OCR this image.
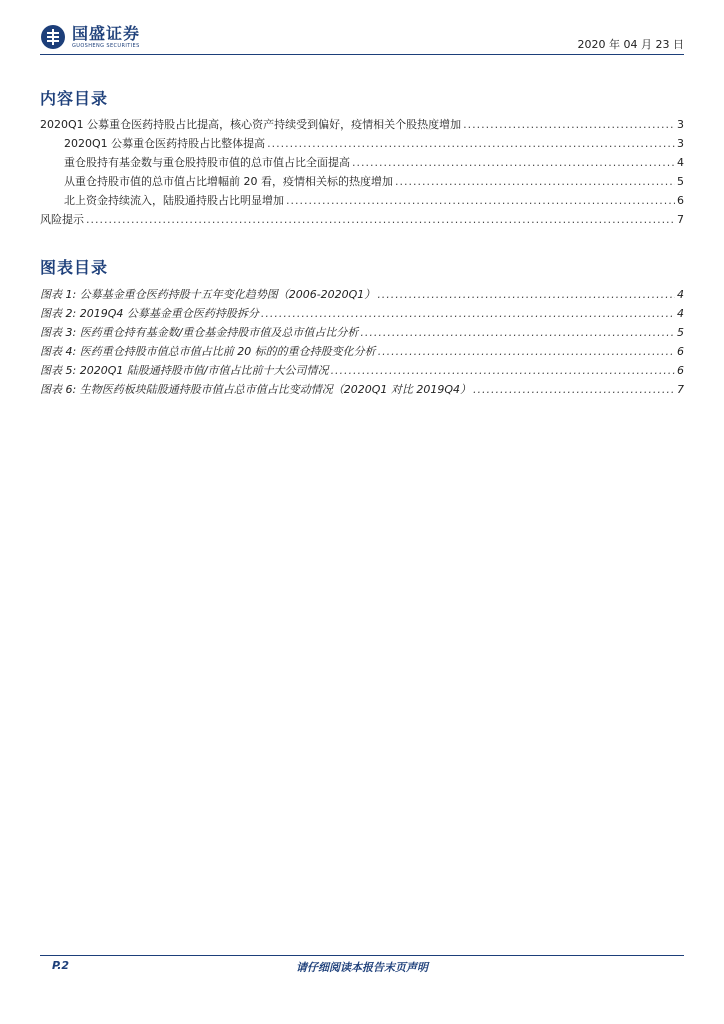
国盛证券
GUOSHENG SECURITIES	2020 年 04 月 23 日
内容目录
2020Q1 公募重仓医药持股占比提高，核心资产持续受到偏好，疫情相关个股热度增加 .....	3
2020Q1 公募重仓医药持股占比整体提高 .....	3
重仓股持有基金数与重仓股持股市值的总市值占比全面提高 .....	4
从重仓持股市值的总市值占比增幅前 20 看，疫情相关标的热度增加 .....	5
北上资金持续流入，陆股通持股占比明显增加 .....	6
风险提示 .....	7
图表目录
图表 1: 公募基金重仓医药持股十五年变化趋势图（2006-2020Q1） .....	4
图表 2: 2019Q4 公募基金重仓医药持股拆分 .....	4
图表 3: 医药重仓持有基金数/重仓基金持股市值及总市值占比分析 .....	5
图表 4: 医药重仓持股市值总市值占比前 20 标的的重仓持股变化分析 .....	6
图表 5: 2020Q1 陆股通持股市值/市值占比前十大公司情况 .....	6
图表 6: 生物医药板块陆股通持股市值占总市值占比变动情况（2020Q1 对比 2019Q4） .....	7
请仔细阅读本报告末页声明
P.2
